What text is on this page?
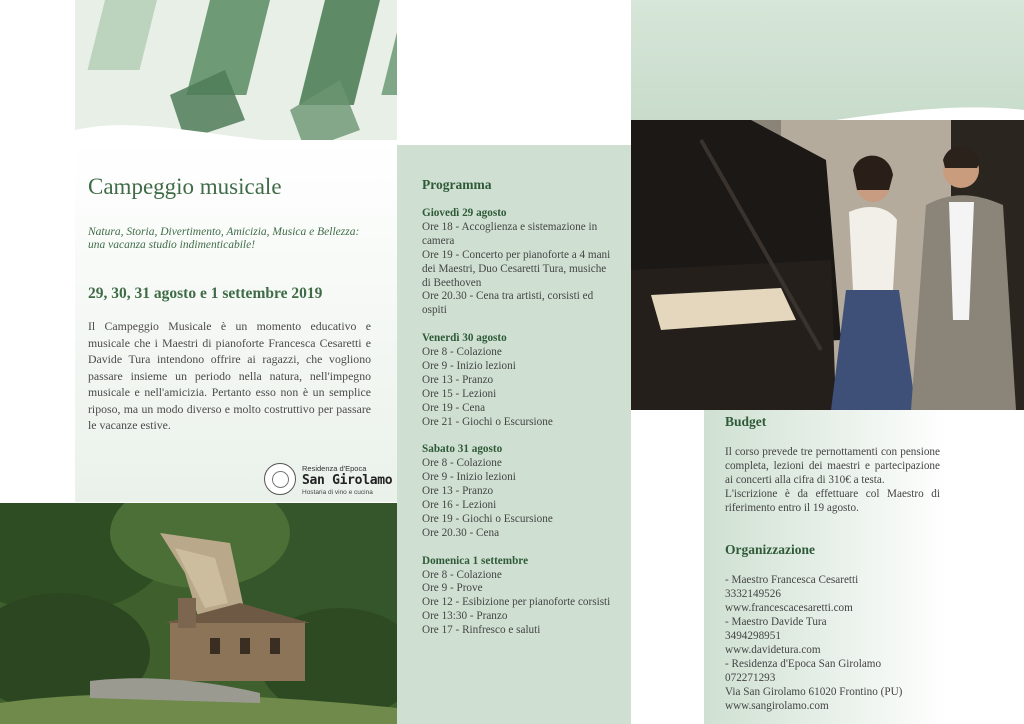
Campeggio musicale
Natura, Storia, Divertimento, Amicizia, Musica e Bellezza:
una vacanza studio indimenticabile!
29, 30, 31 agosto e 1 settembre 2019
Il Campeggio Musicale è un momento educativo e musicale che i Maestri di pianoforte Francesca Cesaretti e Davide Tura intendono offrire ai ragazzi, che vogliono passare insieme un periodo nella natura, nell'impegno musicale e nell'amicizia. Pertanto esso non è un semplice riposo, ma un modo diverso e molto costruttivo per passare le vacanze estive.
Residenza d'Epoca
San Girolamo
Hostaria di vino e cucina
Programma
Giovedì 29 agosto
Ore 18 - Accoglienza e sistemazione in camera
Ore 19 - Concerto per pianoforte a 4 mani dei Maestri, Duo Cesaretti Tura, musiche di Beethoven
Ore 20.30 - Cena tra artisti, corsisti ed ospiti
Venerdì 30 agosto
Ore 8 - Colazione
Ore 9 - Inizio lezioni
Ore 13 - Pranzo
Ore 15 - Lezioni
Ore 19 - Cena
Ore 21 - Giochi o Escursione
Sabato 31 agosto
Ore 8 - Colazione
Ore 9 - Inizio lezioni
Ore 13 - Pranzo
Ore 16 - Lezioni
Ore 19 - Giochi o Escursione
Ore 20.30 - Cena
Domenica 1 settembre
Ore 8 - Colazione
Ore 9 - Prove
Ore 12 - Esibizione per pianoforte corsisti
Ore 13:30 - Pranzo
Ore 17 - Rinfresco e saluti
Budget
Il corso prevede tre pernottamenti con pensione completa, lezioni dei maestri e partecipazione ai concerti alla cifra di 310€ a testa.
L'iscrizione è da effettuare col Maestro di riferimento entro il 19 agosto.
Organizzazione
- Maestro Francesca Cesaretti
3332149526
www.francescacesaretti.com
- Maestro Davide Tura
3494298951
www.davidetura.com
- Residenza d'Epoca San Girolamo
072271293
Via San Girolamo 61020 Frontino (PU)
www.sangirolamo.com
